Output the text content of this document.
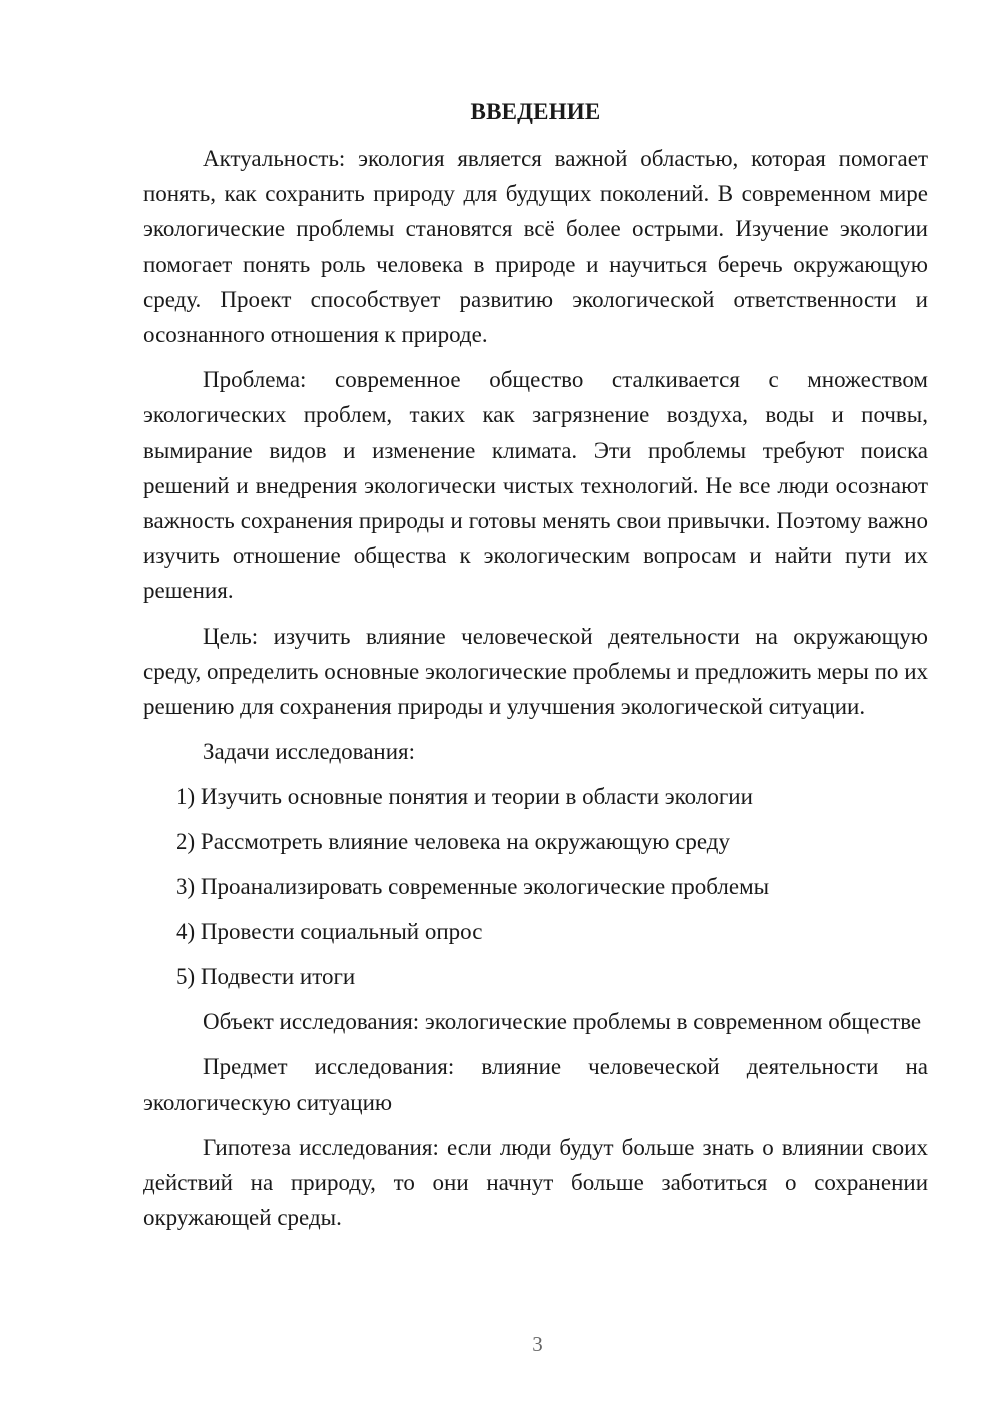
ВВЕДЕНИЕ

Актуальность: экология является важной областью, которая помогает понять, как сохранить природу для будущих поколений. В современном мире экологические проблемы становятся всё более острыми. Изучение экологии помогает понять роль человека в природе и научиться беречь окружающую среду. Проект способствует развитию экологической ответственности и осознанного отношения к природе.

Проблема: современное общество сталкивается с множеством экологических проблем, таких как загрязнение воздуха, воды и почвы, вымирание видов и изменение климата. Эти проблемы требуют поиска решений и внедрения экологически чистых технологий. Не все люди осознают важность сохранения природы и готовы менять свои привычки. Поэтому важно изучить отношение общества к экологическим вопросам и найти пути их решения.

Цель: изучить влияние человеческой деятельности на окружающую среду, определить основные экологические проблемы и предложить меры по их решению для сохранения природы и улучшения экологической ситуации.

Задачи исследования:
1) Изучить основные понятия и теории в области экологии
2) Рассмотреть влияние человека на окружающую среду
3) Проанализировать современные экологические проблемы
4) Провести социальный опрос
5) Подвести итоги

Объект исследования: экологические проблемы в современном обществе

Предмет исследования: влияние человеческой деятельности на экологическую ситуацию

Гипотеза исследования: если люди будут больше знать о влиянии своих действий на природу, то они начнут больше заботиться о сохранении окружающей среды.

3
